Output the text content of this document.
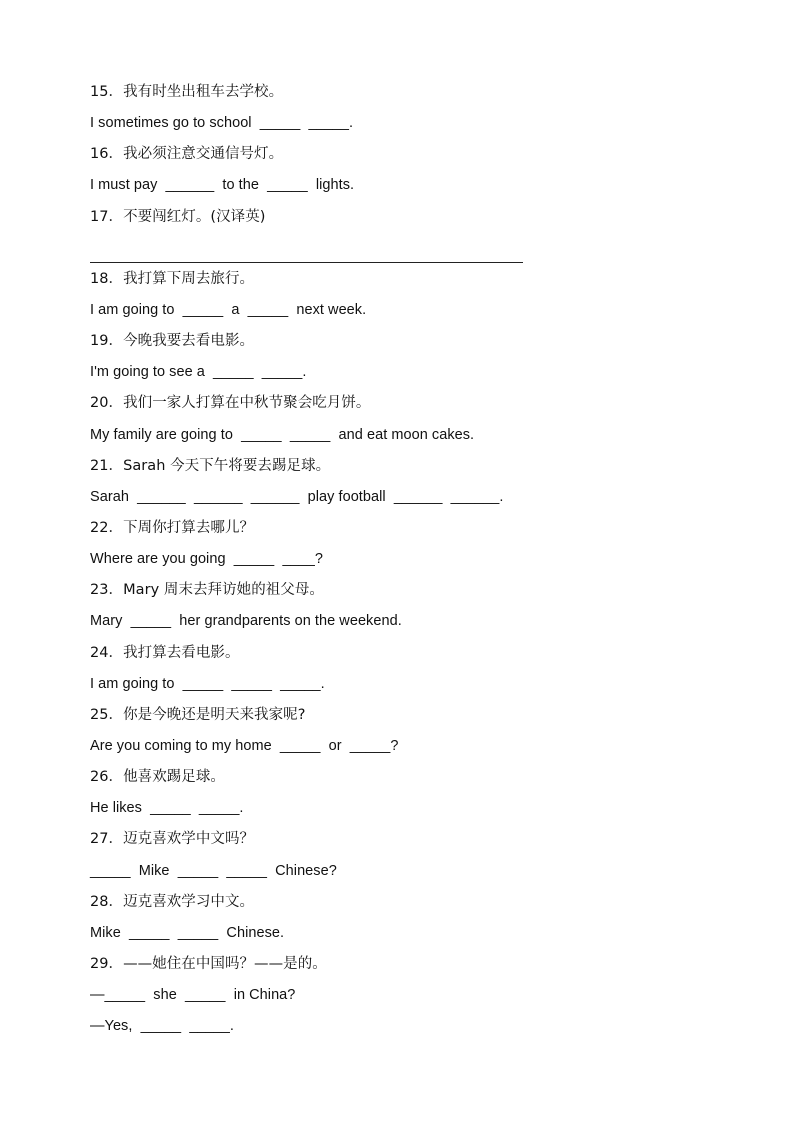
15．我有时坐出租车去学校。
I sometimes go to school  _____  _____.
16．我必须注意交通信号灯。
I must pay  ______  to the  _____  lights.
17．不要闯红灯。(汉译英)
18．我打算下周去旅行。
I am going to  _____  a  _____  next week.
19．今晚我要去看电影。
I'm going to see a  _____  _____.
20．我们一家人打算在中秋节聚会吃月饼。
My family are going to  _____  _____  and eat moon cakes.
21．Sarah 今天下午将要去踢足球。
Sarah  ______  ______  ______  play football  ______  ______.
22．下周你打算去哪儿？
Where are you going  _____  ____?
23．Mary 周末去拜访她的祖父母。
Mary  _____  her grandparents on the weekend.
24．我打算去看电影。
I am going to  _____  _____  _____.
25．你是今晚还是明天来我家呢?
Are you coming to my home  _____  or  _____?
26．他喜欢踢足球。
He likes  _____  _____.
27．迈克喜欢学中文吗？
_____  Mike  _____  _____  Chinese?
28．迈克喜欢学习中文。
Mike  _____  _____  Chinese.
29．——她住在中国吗？——是的。
—_____  she  _____  in China?
—Yes,  _____  _____.
